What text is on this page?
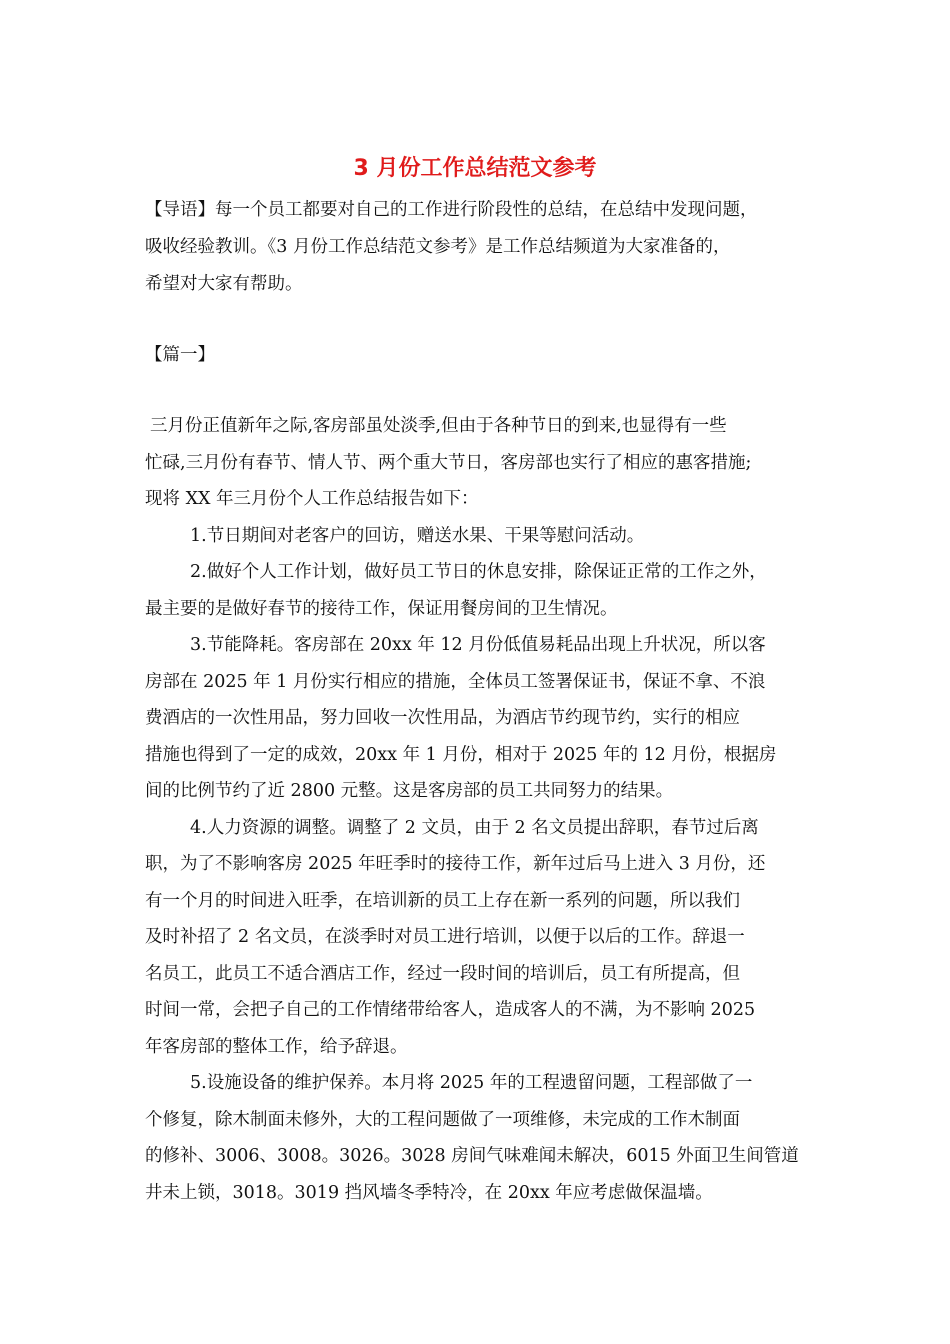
3 月份工作总结范文参考
【导语】每一个员工都要对自己的工作进行阶段性的总结，在总结中发现问题，
吸收经验教训。《3 月份工作总结范文参考》是工作总结频道为大家准备的，
希望对大家有帮助。
【篇一】
三月份正值新年之际,客房部虽处淡季,但由于各种节日的到来,也显得有一些
忙碌,三月份有春节、情人节、两个重大节日，客房部也实行了相应的惠客措施;
现将 XX 年三月份个人工作总结报告如下：
1.节日期间对老客户的回访，赠送水果、干果等慰问活动。
2.做好个人工作计划，做好员工节日的休息安排，除保证正常的工作之外，
最主要的是做好春节的接待工作，保证用餐房间的卫生情况。
3.节能降耗。客房部在 20xx 年 12 月份低值易耗品出现上升状况，所以客
房部在 2025 年 1 月份实行相应的措施，全体员工签署保证书，保证不拿、不浪
费酒店的一次性用品，努力回收一次性用品，为酒店节约现节约，实行的相应
措施也得到了一定的成效，20xx 年 1 月份，相对于 2025 年的 12 月份，根据房
间的比例节约了近 2800 元整。这是客房部的员工共同努力的结果。
4.人力资源的调整。调整了 2 文员，由于 2 名文员提出辞职，春节过后离
职，为了不影响客房 2025 年旺季时的接待工作，新年过后马上进入 3 月份，还
有一个月的时间进入旺季，在培训新的员工上存在新一系列的问题，所以我们
及时补招了 2 名文员，在淡季时对员工进行培训，以便于以后的工作。辞退一
名员工，此员工不适合酒店工作，经过一段时间的培训后，员工有所提高，但
时间一常，会把子自己的工作情绪带给客人，造成客人的不满，为不影响 2025
年客房部的整体工作，给予辞退。
5.设施设备的维护保养。本月将 2025 年的工程遗留问题，工程部做了一
个修复，除木制面未修外，大的工程问题做了一项维修，未完成的工作木制面
的修补、3006、3008。3026。3028 房间气味难闻未解决，6015 外面卫生间管道
井未上锁，3018。3019 挡风墙冬季特冷，在 20xx 年应考虑做保温墙。
